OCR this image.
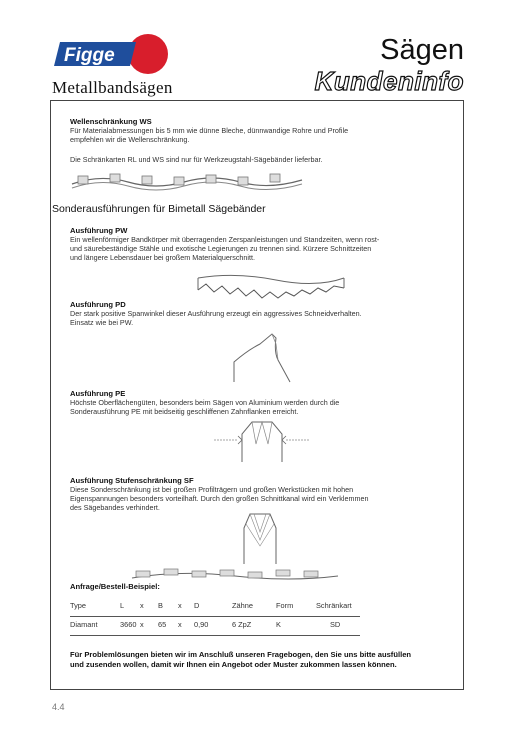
Figge
Metallbandsägen
Sägen
Kundeninfo
Wellenschränkung WS
Für Materialabmessungen bis 5 mm wie dünne Bleche, dünnwandige Rohre und Profile
empfehlen wir die Wellenschränkung.
Die Schränkarten RL und WS sind nur für Werkzeugstahl-Sägebänder lieferbar.
Sonderausführungen für Bimetall Sägebänder
Ausführung PW
Ein wellenförmiger Bandkörper mit überragenden Zerspanleistungen und Standzeiten, wenn rost-
und säurebeständige Stähle und exotische Legierungen zu trennen sind. Kürzere Schnittzeiten
und längere Lebensdauer bei großem Materialquerschnitt.
Ausführung PD
Der stark positive Spanwinkel dieser Ausführung erzeugt ein aggressives Schneidverhalten.
Einsatz wie bei PW.
Ausführung PE
Höchste Oberflächengüten, besonders beim Sägen von Aluminium werden durch die
Sonderausführung PE mit beidseitig geschliffenen Zahnflanken erreicht.
Ausführung Stufenschränkung SF
Diese Sonderschränkung ist bei großen Profilträgern und großen Werkstücken mit hohen
Eigenspannungen besonders vorteilhaft. Durch den großen Schnittkanal wird ein Verklemmen
des Sägebandes verhindert.
Anfrage/Bestell-Beispiel:
Type	L	x	B	x	D	Zähne	Form	Schränkart
Diamant	3660	x	65	x	0,90	6 ZpZ	K	SD
Für Problemlösungen bieten wir im Anschluß unseren Fragebogen, den Sie uns bitte ausfüllen
und zusenden wollen, damit wir Ihnen ein Angebot oder Muster zukommen lassen können.
4.4
